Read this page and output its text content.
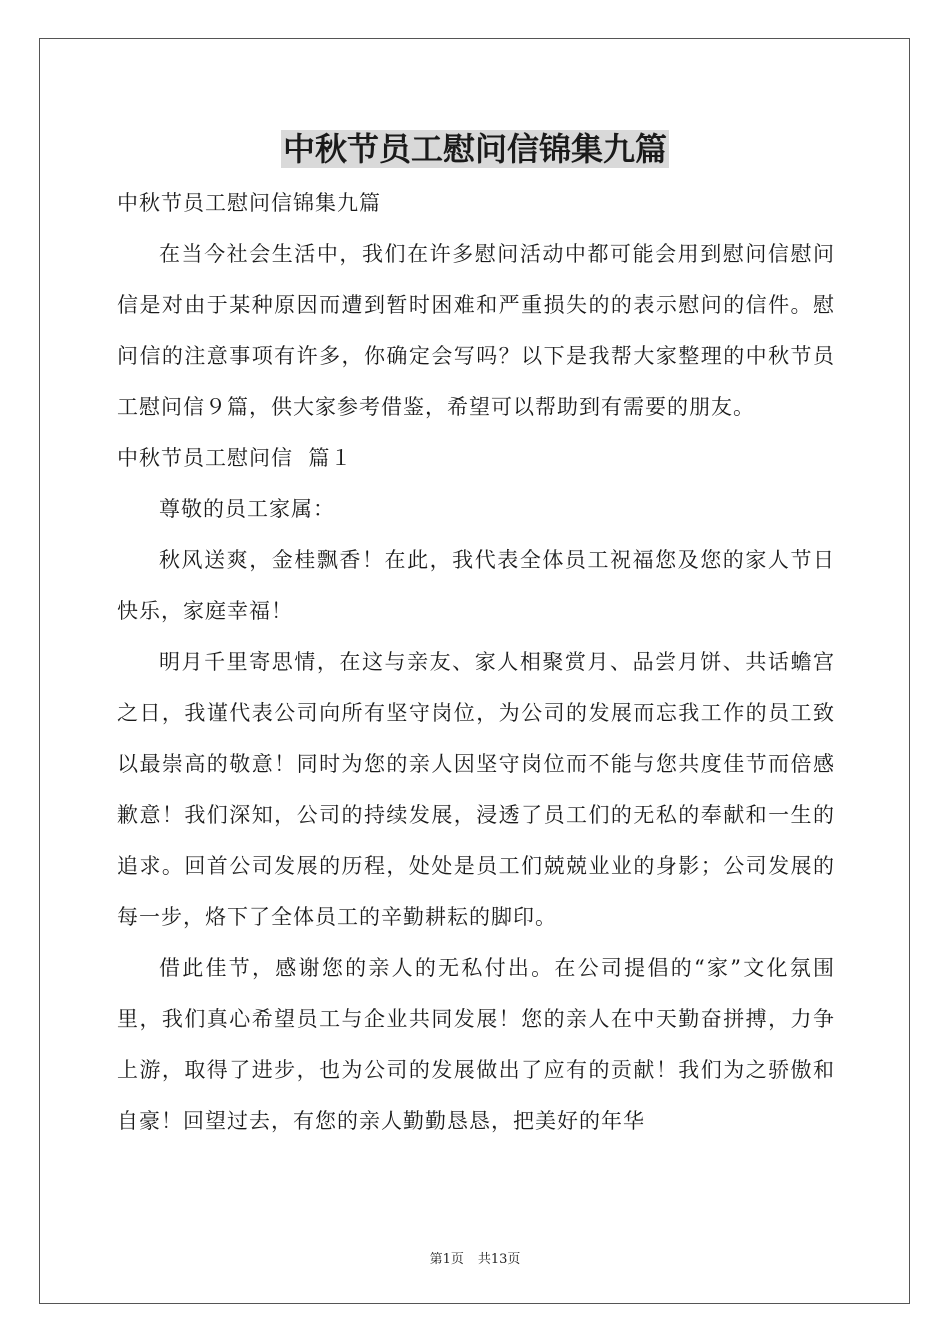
中秋节员工慰问信锦集九篇

中秋节员工慰问信锦集九篇

在当今社会生活中，我们在许多慰问活动中都可能会用到慰问信慰问信是对由于某种原因而遭到暂时困难和严重损失的的表示慰问的信件。慰问信的注意事项有许多，你确定会写吗？以下是我帮大家整理的中秋节员工慰问信９篇，供大家参考借鉴，希望可以帮助到有需要的朋友。

中秋节员工慰问信  篇１

尊敬的员工家属：

秋风送爽，金桂飘香！在此，我代表全体员工祝福您及您的家人节日快乐，家庭幸福！

明月千里寄思情，在这与亲友、家人相聚赏月、品尝月饼、共话蟾宫之日，我谨代表公司向所有坚守岗位，为公司的发展而忘我工作的员工致以最崇高的敬意！同时为您的亲人因坚守岗位而不能与您共度佳节而倍感歉意！我们深知，公司的持续发展，浸透了员工们的无私的奉献和一生的追求。回首公司发展的历程，处处是员工们兢兢业业的身影；公司发展的每一步，烙下了全体员工的辛勤耕耘的脚印。

借此佳节，感谢您的亲人的无私付出。在公司提倡的“家”文化氛围里，我们真心希望员工与企业共同发展！您的亲人在中天勤奋拼搏，力争上游，取得了进步，也为公司的发展做出了应有的贡献！我们为之骄傲和自豪！回望过去，有您的亲人勤勤恳恳，把美好的年华

第1页 共13页
